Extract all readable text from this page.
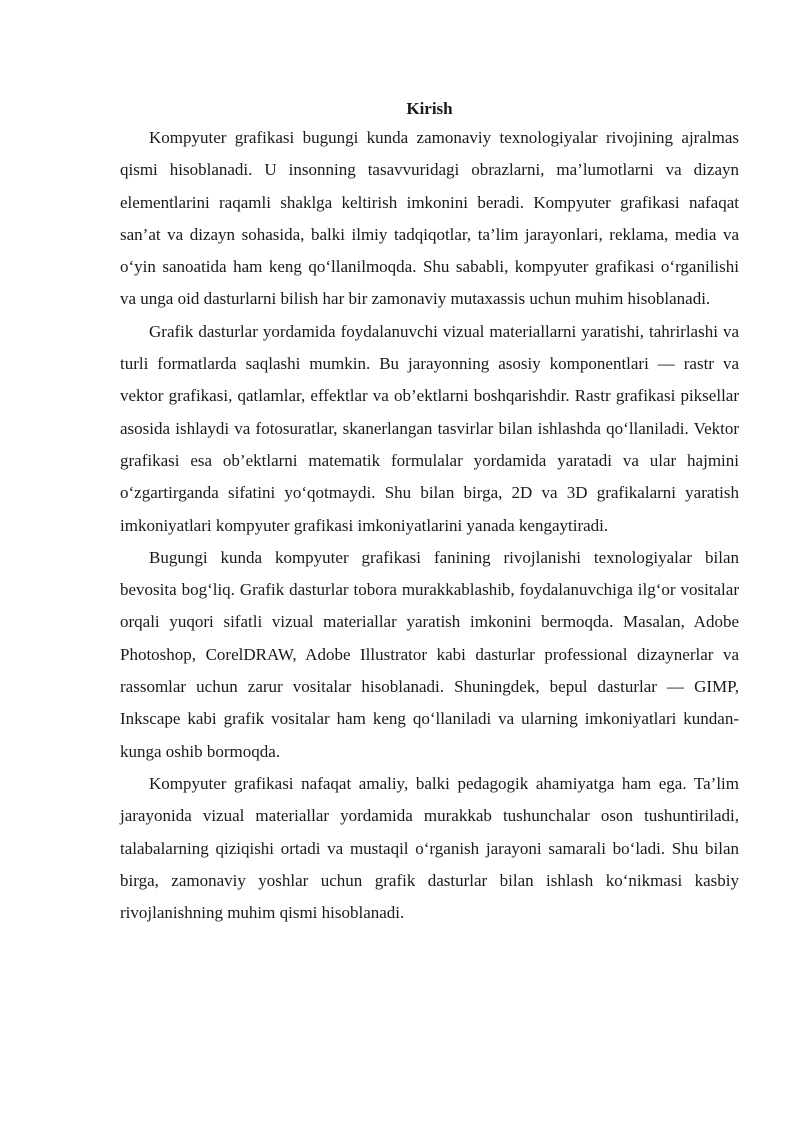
Kirish

Kompyuter grafikasi bugungi kunda zamonaviy texnologiyalar rivojining ajralmas qismi hisoblanadi. U insonning tasavvuridagi obrazlarni, ma’lumotlarni va dizayn elementlarini raqamli shaklga keltirish imkonini beradi. Kompyuter grafikasi nafaqat san’at va dizayn sohasida, balki ilmiy tadqiqotlar, ta’lim jarayonlari, reklama, media va o‘yin sanoatida ham keng qo‘llanilmoqda. Shu sababli, kompyuter grafikasi o‘rganilishi va unga oid dasturlarni bilish har bir zamonaviy mutaxassis uchun muhim hisoblanadi.

Grafik dasturlar yordamida foydalanuvchi vizual materiallarni yaratishi, tahrirlashi va turli formatlarda saqlashi mumkin. Bu jarayonning asosiy komponentlari — rastr va vektor grafikasi, qatlamlar, effektlar va ob’ektlarni boshqarishdir. Rastr grafikasi piksellar asosida ishlaydi va fotosuratlar, skanerlangan tasvirlar bilan ishlashda qo‘llaniladi. Vektor grafikasi esa ob’ektlarni matematik formulalar yordamida yaratadi va ular hajmini o‘zgartirganda sifatini yo‘qotmaydi. Shu bilan birga, 2D va 3D grafikalarni yaratish imkoniyatlari kompyuter grafikasi imkoniyatlarini yanada kengaytiradi.

Bugungi kunda kompyuter grafikasi fanining rivojlanishi texnologiyalar bilan bevosita bog‘liq. Grafik dasturlar tobora murakkablashib, foydalanuvchiga ilg‘or vositalar orqali yuqori sifatli vizual materiallar yaratish imkonini bermoqda. Masalan, Adobe Photoshop, CorelDRAW, Adobe Illustrator kabi dasturlar professional dizaynerlar va rassomlar uchun zarur vositalar hisoblanadi. Shuningdek, bepul dasturlar — GIMP, Inkscape kabi grafik vositalar ham keng qo‘llaniladi va ularning imkoniyatlari kundan-kunga oshib bormoqda.

Kompyuter grafikasi nafaqat amaliy, balki pedagogik ahamiyatga ham ega. Ta’lim jarayonida vizual materiallar yordamida murakkab tushunchalar oson tushuntiriladi, talabalarning qiziqishi ortadi va mustaqil o‘rganish jarayoni samarali bo‘ladi. Shu bilan birga, zamonaviy yoshlar uchun grafik dasturlar bilan ishlash ko‘nikmasi kasbiy rivojlanishning muhim qismi hisoblanadi.
